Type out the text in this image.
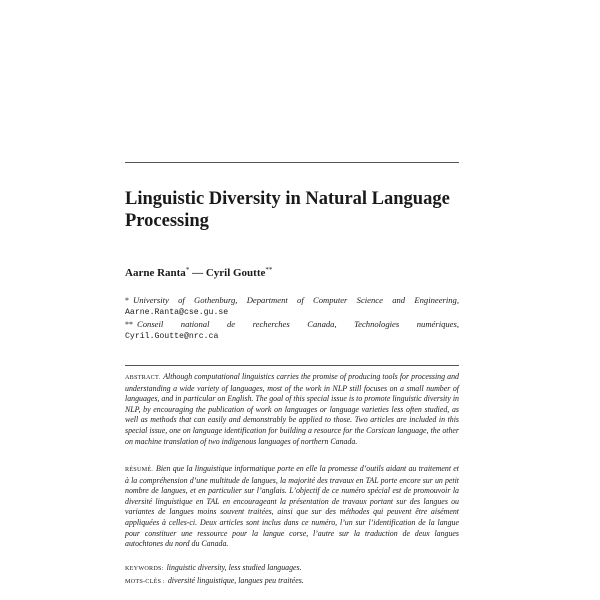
Linguistic Diversity in Natural Language Processing
Aarne Ranta* — Cyril Goutte**
* University of Gothenburg, Department of Computer Science and Engineering,
Aarne.Ranta@cse.gu.se
** Conseil national de recherches Canada, Technologies numériques,
Cyril.Goutte@nrc.ca
ABSTRACT. Although computational linguistics carries the promise of producing tools for processing and understanding a wide variety of languages, most of the work in NLP still focuses on a small number of languages, and in particular on English. The goal of this special issue is to promote linguistic diversity in NLP, by encouraging the publication of work on languages or language varieties less often studied, as well as methods that can easily and demonstrably be applied to those. Two articles are included in this special issue, one on language identification for building a resource for the Corsican language, the other on machine translation of two indigenous languages of northern Canada.
RÉSUMÉ. Bien que la linguistique informatique porte en elle la promesse d’outils aidant au traitement et à la compréhension d’une multitude de langues, la majorité des travaux en TAL porte encore sur un petit nombre de langues, et en particulier sur l’anglais. L’objectif de ce numéro spécial est de promouvoir la diversité linguistique en TAL en encourageant la présentation de travaux portant sur des langues ou variantes de langues moins souvent traitées, ainsi que sur des méthodes qui peuvent être aisément appliquées à celles-ci. Deux articles sont inclus dans ce numéro, l’un sur l’identification de la langue pour constituer une ressource pour la langue corse, l’autre sur la traduction de deux langues autochtones du nord du Canada.
KEYWORDS: linguistic diversity, less studied languages.
MOTS-CLÉS : diversité linguistique, langues peu traitées.
